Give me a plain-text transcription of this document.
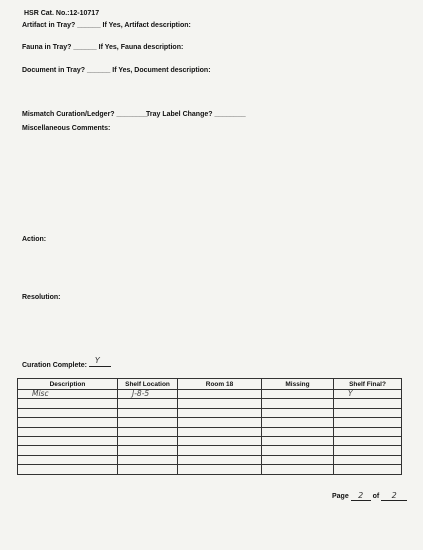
HSR Cat. No.:12-10717
Artifact in Tray? ______ If Yes, Artifact description:
Fauna in Tray? ______ If Yes, Fauna description:
Document in Tray? ______ If Yes, Document description:
Mismatch Curation/Ledger? ________
Tray Label Change? ________
Miscellaneous Comments:
Action:
Resolution:
Curation Complete:
Y
Description	Shelf Location	Room 18	Missing	Shelf Final?

Misc	J-8-5			Y

Page 2 of 2
